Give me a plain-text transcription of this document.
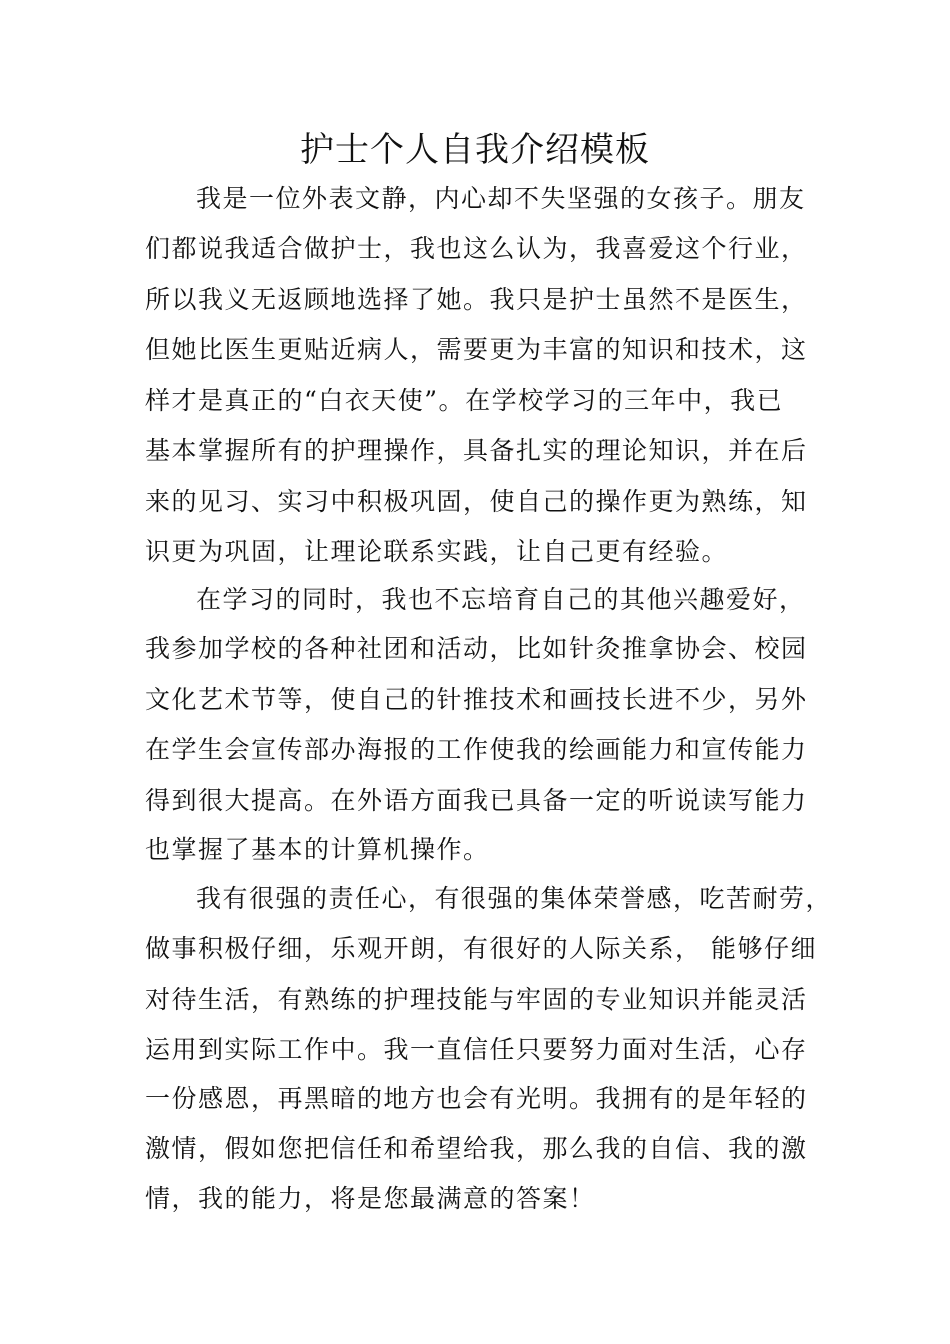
护士个人自我介绍模板
我是一位外表文静，内心却不失坚强的女孩子。朋友
们都说我适合做护士，我也这么认为，我喜爱这个行业，
所以我义无返顾地选择了她。我只是护士虽然不是医生，
但她比医生更贴近病人，需要更为丰富的知识和技术，这
样才是真正的“白衣天使”。在学校学习的三年中，我已
基本掌握所有的护理操作，具备扎实的理论知识，并在后
来的见习、实习中积极巩固，使自己的操作更为熟练，知
识更为巩固，让理论联系实践，让自己更有经验。
在学习的同时，我也不忘培育自己的其他兴趣爱好，
我参加学校的各种社团和活动，比如针灸推拿协会、校园
文化艺术节等，使自己的针推技术和画技长进不少，另外
在学生会宣传部办海报的工作使我的绘画能力和宣传能力
得到很大提高。在外语方面我已具备一定的听说读写能力
也掌握了基本的计算机操作。
我有很强的责任心，有很强的集体荣誉感，吃苦耐劳，
做事积极仔细，乐观开朗，有很好的人际关系， 能够仔细
对待生活，有熟练的护理技能与牢固的专业知识并能灵活
运用到实际工作中。我一直信任只要努力面对生活，心存
一份感恩，再黑暗的地方也会有光明。我拥有的是年轻的
激情，假如您把信任和希望给我，那么我的自信、我的激
情，我的能力，将是您最满意的答案！
